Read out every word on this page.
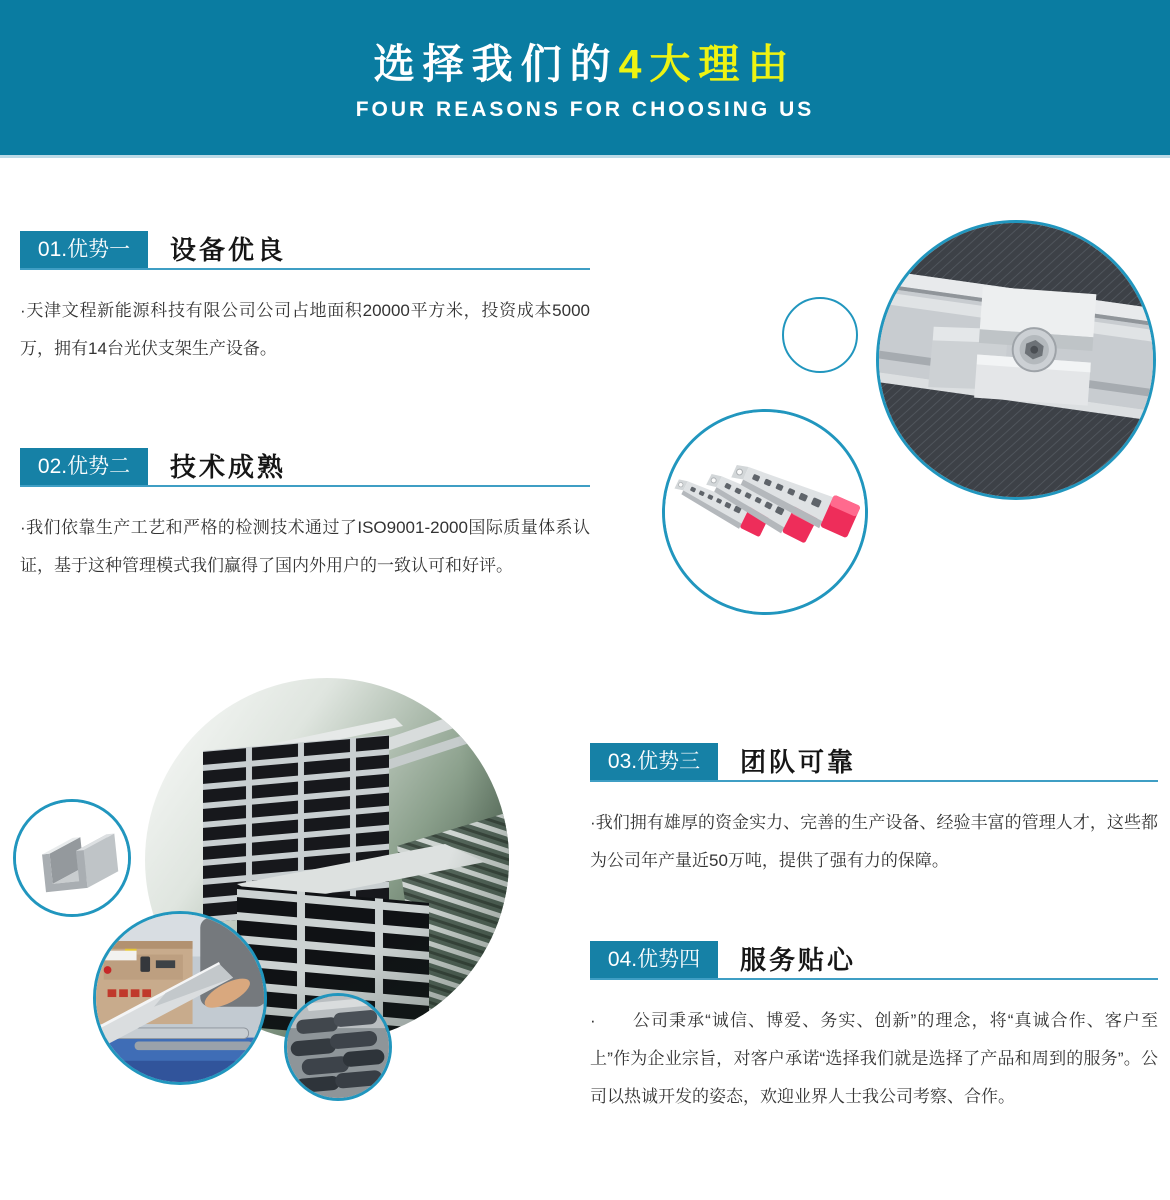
选择我们的4大理由
FOUR REASONS FOR CHOOSING US
01.优势一	设备优良

·天津文程新能源科技有限公司公司占地面积20000平方米，投资成本5000万，拥有14台光伏支架生产设备。

02.优势二	技术成熟

·我们依靠生产工艺和严格的检测技术通过了ISO9001-2000国际质量体系认证，基于这种管理模式我们赢得了国内外用户的一致认可和好评。

03.优势三	团队可靠

·我们拥有雄厚的资金实力、完善的生产设备、经验丰富的管理人才，这些都为公司年产量近50万吨，提供了强有力的保障。

04.优势四	服务贴心

·　　公司秉承“诚信、博爱、务实、创新”的理念，将“真诚合作、客户至上”作为企业宗旨，对客户承诺“选择我们就是选择了产品和周到的服务”。公司以热诚开发的姿态，欢迎业界人士我公司考察、合作。
